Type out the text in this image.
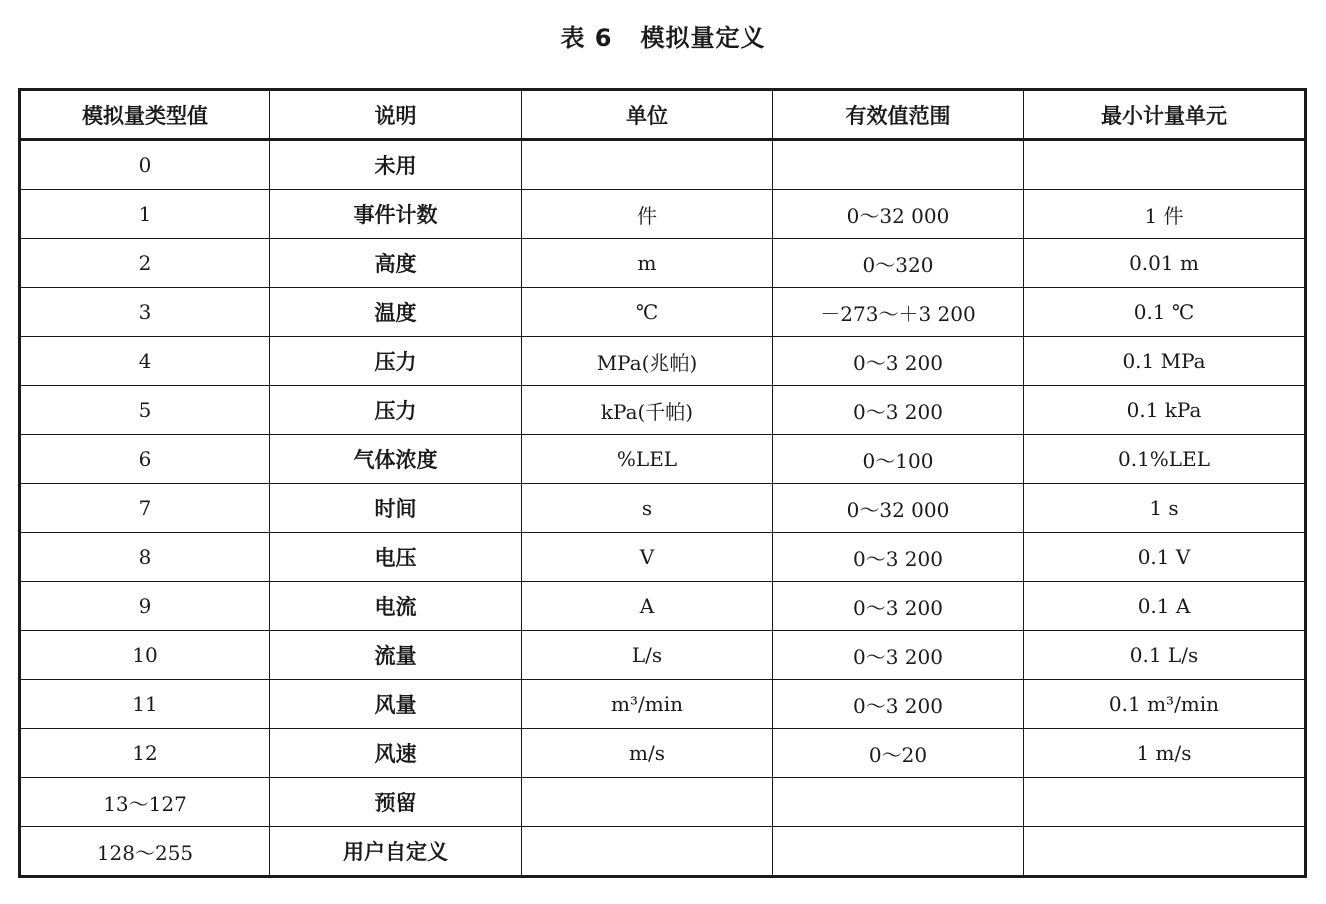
表 6   模拟量定义
模拟量类型值	说明	单位	有效值范围	最小计量单元
0	未用			
1	事件计数	件	0～32 000	1 件
2	高度	m	0～320	0.01 m
3	温度	℃	－273～＋3 200	0.1 ℃
4	压力	MPa(兆帕)	0～3 200	0.1 MPa
5	压力	kPa(千帕)	0～3 200	0.1 kPa
6	气体浓度	%LEL	0～100	0.1%LEL
7	时间	s	0～32 000	1 s
8	电压	V	0～3 200	0.1 V
9	电流	A	0～3 200	0.1 A
10	流量	L/s	0～3 200	0.1 L/s
11	风量	m³/min	0～3 200	0.1 m³/min
12	风速	m/s	0～20	1 m/s
13～127	预留			
128～255	用户自定义			
